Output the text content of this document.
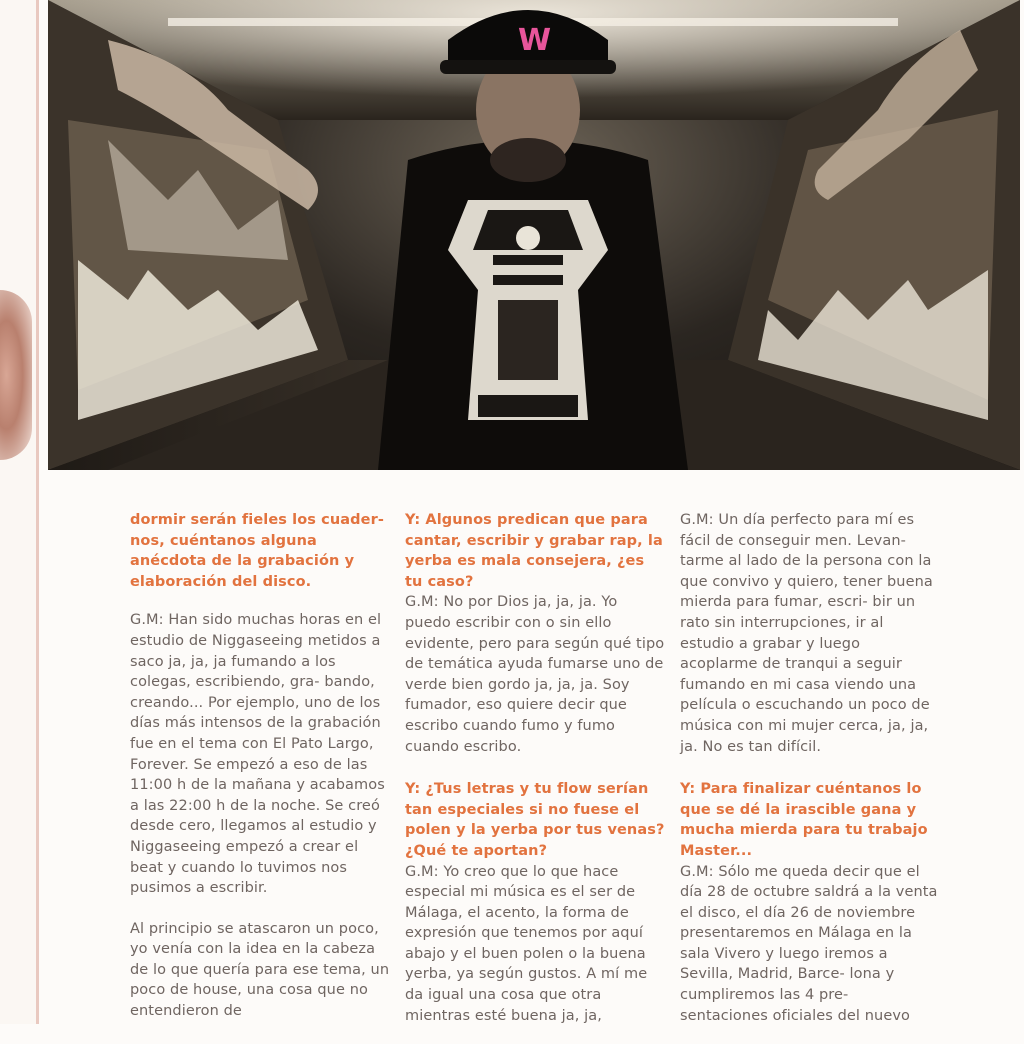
W

dormir serán fieles los cuader- nos, cuéntanos alguna anécdota de la grabación y elaboración del disco.

G.M: Han sido muchas horas en el estudio de Niggaseeing metidos a saco ja, ja, ja fumando a los colegas, escribiendo, gra- bando, creando... Por ejemplo, uno de los días más intensos de la grabación fue en el tema con El Pato Largo, Forever. Se empezó a eso de las 11:00 h de la mañana y acabamos a las 22:00 h de la noche. Se creó desde cero, llegamos al estudio y Niggaseeing empezó a crear el beat y cuando lo tuvimos nos pusimos a escribir.

Al principio se atascaron un poco, yo venía con la idea en la cabeza de lo que quería para ese tema, un poco de house, una cosa que no entendieron de

Y: Algunos predican que para cantar, escribir y grabar rap, la yerba es mala consejera, ¿es tu caso?

G.M: No por Dios ja, ja, ja. Yo puedo escribir con o sin ello evidente, pero para según qué tipo de temática ayuda fumarse uno de verde bien gordo ja, ja, ja. Soy fumador, eso quiere decir que escribo cuando fumo y fumo cuando escribo.

Y: ¿Tus letras y tu flow serían tan especiales si no fuese el polen y la yerba por tus venas? ¿Qué te aportan?

G.M: Yo creo que lo que hace especial mi música es el ser de Málaga, el acento, la forma de expresión que tenemos por aquí abajo y el buen polen o la buena yerba, ya según gustos. A mí me da igual una cosa que otra mientras esté buena ja, ja,

G.M: Un día perfecto para mí es fácil de conseguir men. Levan- tarme al lado de la persona con la que convivo y quiero, tener buena mierda para fumar, escri- bir un rato sin interrupciones, ir al estudio a grabar y luego acoplarme de tranqui a seguir fumando en mi casa viendo una película o escuchando un poco de música con mi mujer cerca, ja, ja, ja. No es tan difícil.

Y: Para finalizar cuéntanos lo que se dé la irascible gana y mucha mierda para tu trabajo Master...

G.M: Sólo me queda decir que el día 28 de octubre saldrá a la venta el disco, el día 26 de noviembre presentaremos en Málaga en la sala Vivero y luego iremos a Sevilla, Madrid, Barce- lona y cumpliremos las 4 pre- sentaciones oficiales del nuevo
